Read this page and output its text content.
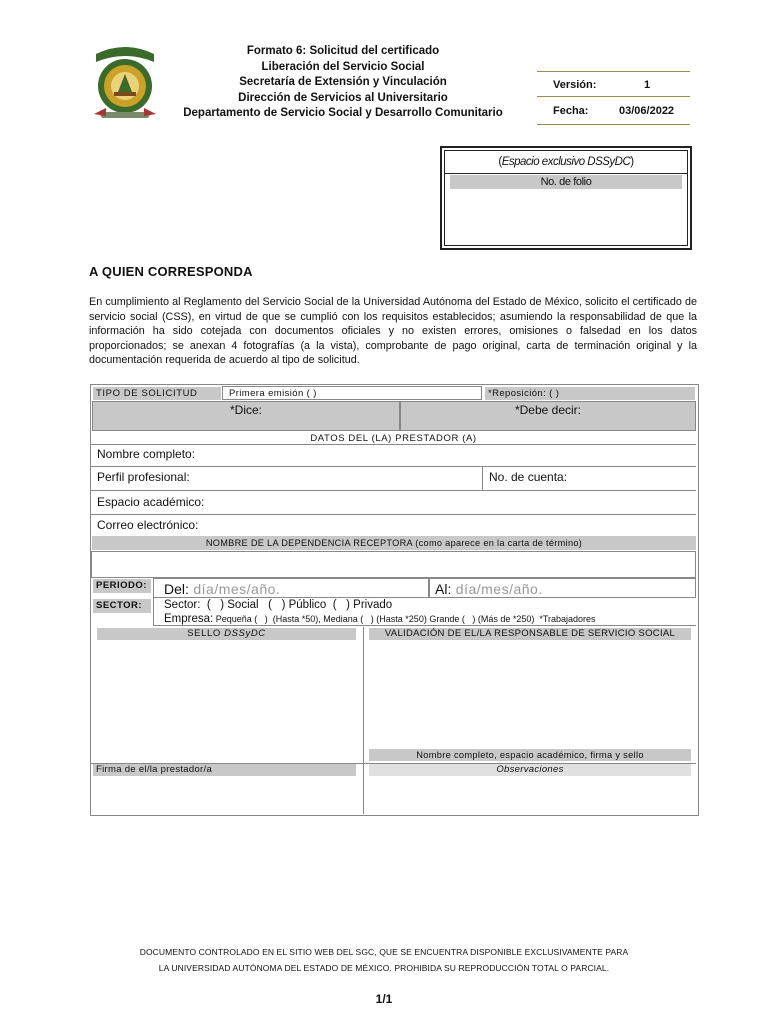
Formato 6: Solicitud del certificado
Liberación del Servicio Social
Secretaría de Extensión y Vinculación
Dirección de Servicios al Universitario
Departamento de Servicio Social y Desarrollo Comunitario
Versión:	1
Fecha:	03/06/2022
(Espacio exclusivo DSSyDC)
No. de folio
A QUIEN CORRESPONDA
En cumplimiento al Reglamento del Servicio Social de la Universidad Autónoma del Estado de México, solicito el certificado de servicio social (CSS), en virtud de que se cumplió con los requisitos establecidos; asumiendo la responsabilidad de que la información ha sido cotejada con documentos oficiales y no existen errores, omisiones o falsedad en los datos proporcionados; se anexan 4 fotografías (a la vista), comprobante de pago original, carta de terminación original y la documentación requerida de acuerdo al tipo de solicitud.
TIPO DE SOLICITUD	Primera emisión ( )	*Reposición: ( )
*Dice:	*Debe decir:
DATOS DEL (LA) PRESTADOR (A)
Nombre completo:
Perfil profesional:	No. de cuenta:
Espacio académico:
Correo electrónico:
NOMBRE DE LA DEPENDENCIA RECEPTORA (como aparece en la carta de término)
PERIODO:	Del: día/mes/año.	Al: día/mes/año.
SECTOR:	Sector:  (   ) Social   (   ) Público  (   ) Privado
Empresa: Pequeña (   )  (Hasta *50), Mediana (   ) (Hasta *250) Grande (   ) (Más de *250)  *Trabajadores
SELLO DSSyDC	VALIDACIÓN DE EL/LA RESPONSABLE DE SERVICIO SOCIAL
Nombre completo, espacio académico, firma y sello
Firma de el/la prestador/a	Observaciones
DOCUMENTO CONTROLADO EN EL SITIO WEB DEL SGC, QUE SE ENCUENTRA DISPONIBLE EXCLUSIVAMENTE PARA
LA UNIVERSIDAD AUTÓNOMA DEL ESTADO DE MÉXICO. PROHIBIDA SU REPRODUCCIÓN TOTAL O PARCIAL.
1/1
